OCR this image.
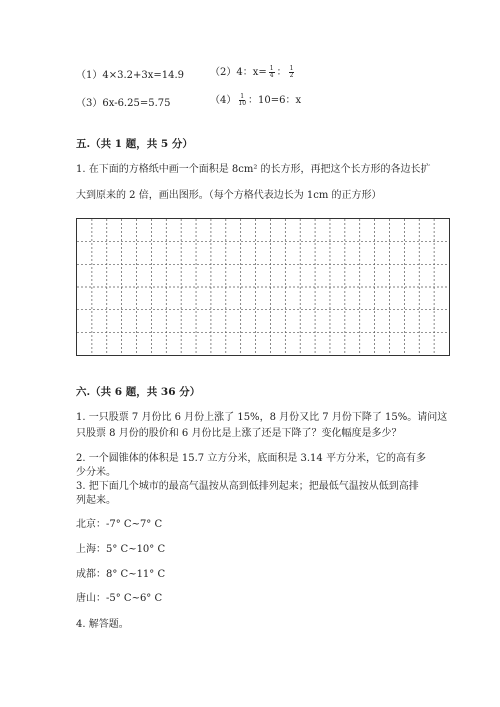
（1）4×3.2+3x=14.9	（2）4：$x= \frac{1}{4}$ ： $\frac{1}{2}$
（3）6x-6.25=5.75	$(4) \frac{1}{10}$ ：10=6：x
五.（共 1 题，共 5 分）
1. 在下面的方格纸中画一个面积是 8cm² 的长方形，再把这个长方形的各边长扩
大到原来的 2 倍，画出图形。（每个方格代表边长为 1cm 的正方形）
六.（共 6 题，共 36 分）
1. 一只股票 7 月份比 6 月份上涨了 15%，8 月份又比 7 月份下降了 15%。请问这
只股票 8 月份的股价和 6 月份比是上涨了还是下降了？变化幅度是多少？
2. 一个圆锥体的体积是 15.7 立方分米，底面积是 3.14 平方分米，它的高有多
少分米。
3. 把下面几个城市的最高气温按从高到低排列起来；把最低气温按从低到高排
列起来。
北京：-7° C~7° C
上海：5° C~10° C
成都：8° C~11° C
唐山：-5° C~6° C
4. 解答题。
